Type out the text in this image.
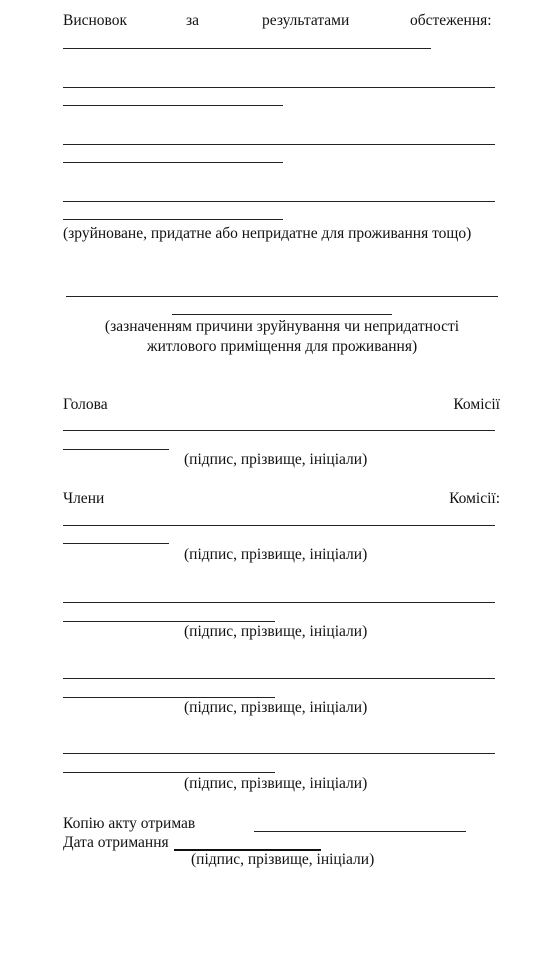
Висновок	за	результатами	обстеження:
(зруйноване, придатне або непридатне для проживання тощо)
(зазначенням причини зруйнування чи непридатності
житлового приміщення для проживання)
Голова	Комісії
(підпис, прізвище, ініціали)
Члени	Комісії:
(підпис, прізвище, ініціали)
(підпис, прізвище, ініціали)
(підпис, прізвище, ініціали)
(підпис, прізвище, ініціали)
Копію акту отримав
Дата отримання
(підпис, прізвище, ініціали)
